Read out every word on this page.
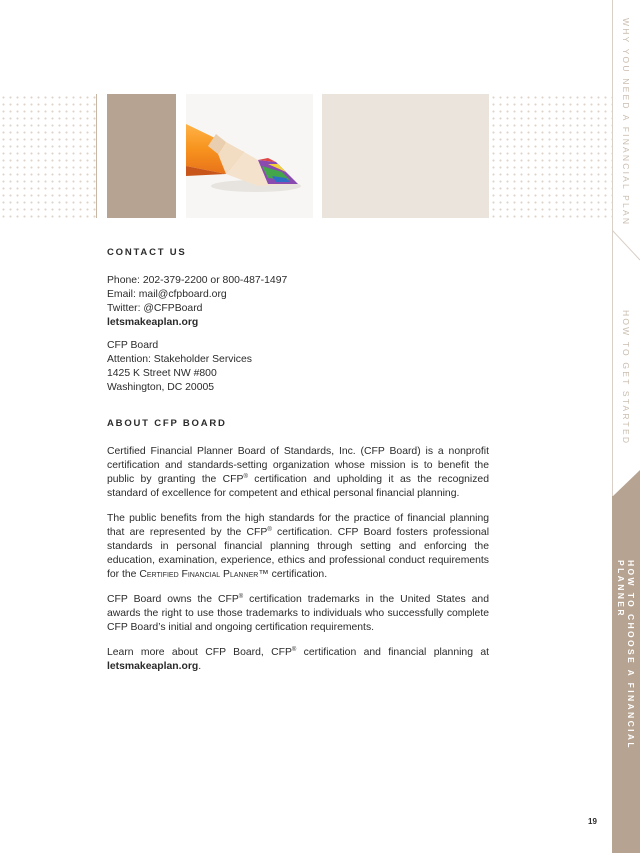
WHY YOU NEED A FINANCIAL PLAN
HOW TO GET STARTED
HOW TO CHOOSE A FINANCIAL PLANNER
19
CONTACT US

Phone: 202-379-2200 or 800-487-1497

Email: mail@cfpboard.org

Twitter: @CFPBoard

letsmakeaplan.org

CFP Board

Attention: Stakeholder Services

1425 K Street NW #800

Washington, DC 20005

ABOUT CFP BOARD

Certified Financial Planner Board of Standards, Inc. (CFP Board) is a nonprofit certification and standards-setting organization whose mission is to benefit the public by granting the CFP® certification and upholding it as the recognized standard of excellence for competent and ethical personal financial planning.

The public benefits from the high standards for the practice of financial planning that are represented by the CFP® certification. CFP Board fosters professional standards in personal financial planning through setting and enforcing the education, examination, experience, ethics and professional conduct requirements for the Certified Financial Planner™ certification.

CFP Board owns the CFP® certification trademarks in the United States and awards the right to use those trademarks to individuals who successfully complete CFP Board’s initial and ongoing certification requirements.

Learn more about CFP Board, CFP® certification and financial planning at letsmakeaplan.org.
